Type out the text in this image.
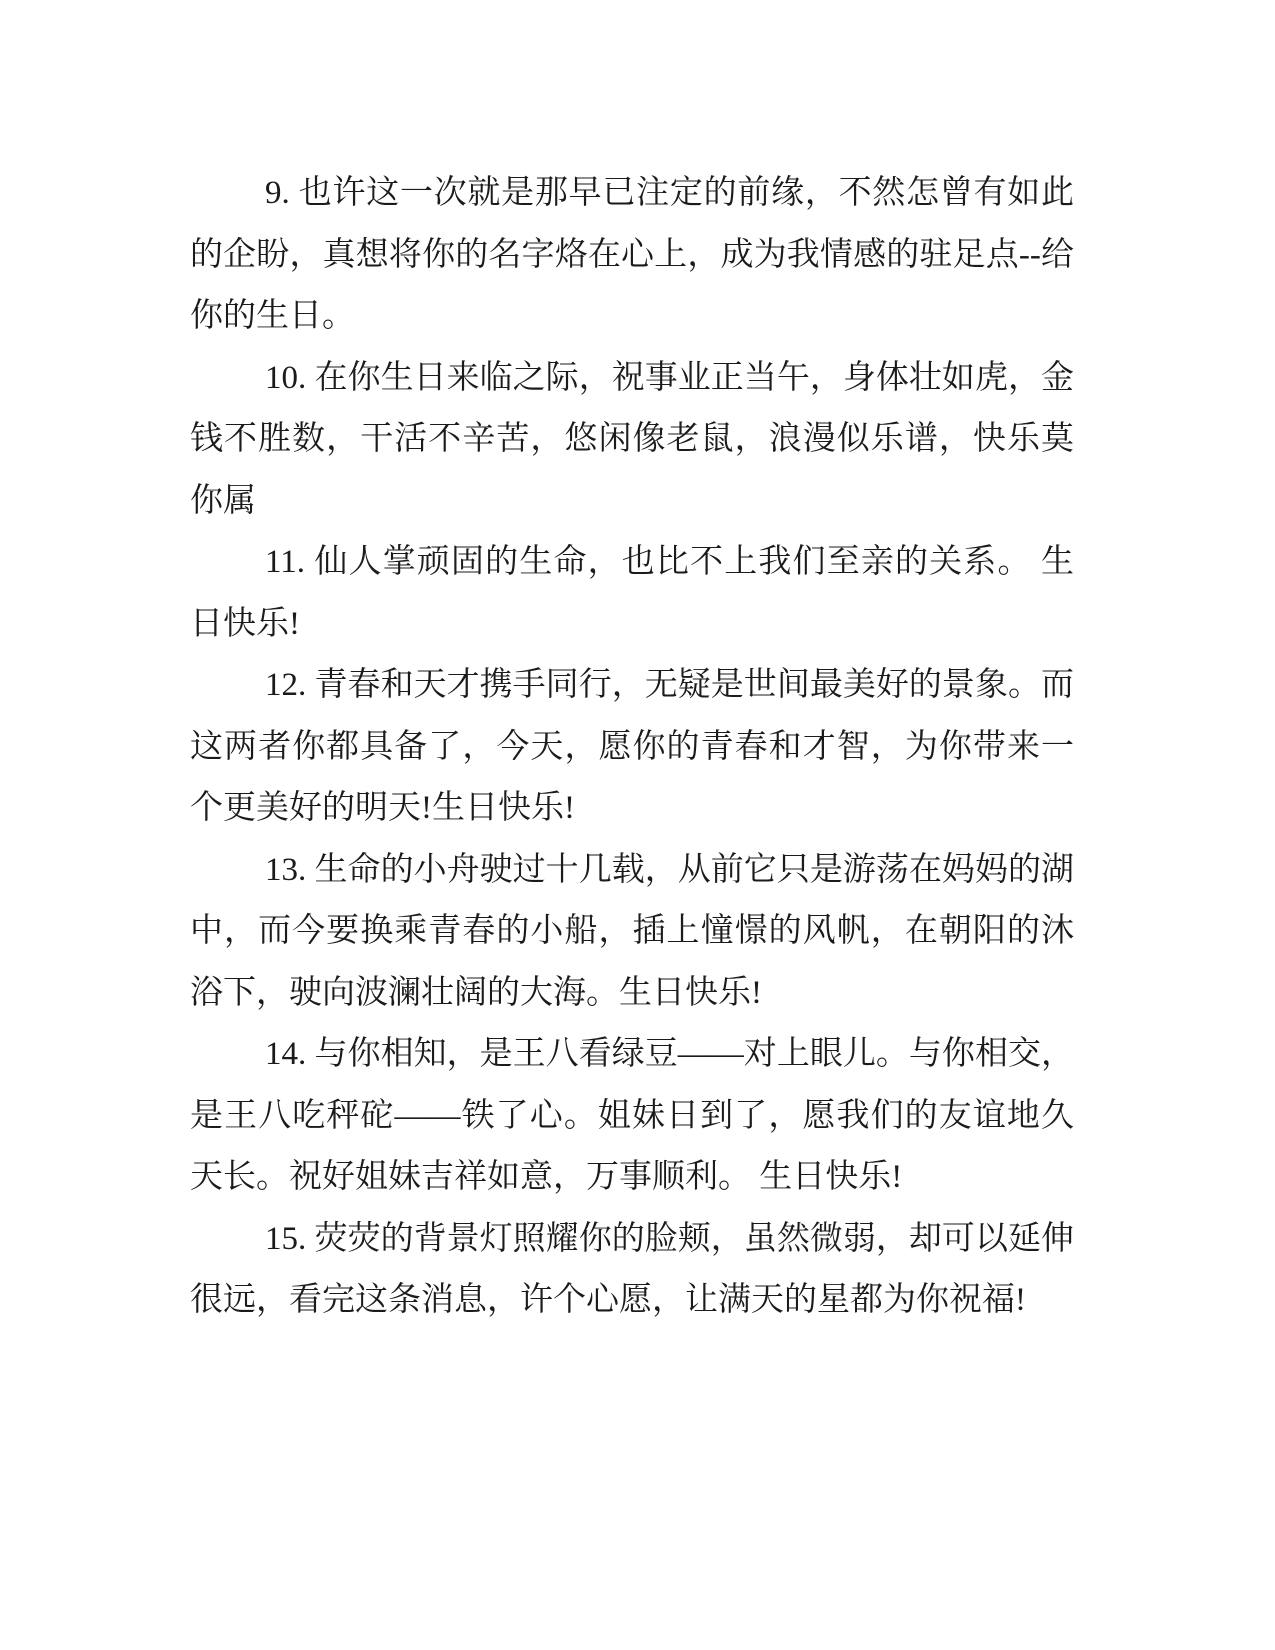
9. 也许这一次就是那早已注定的前缘，不然怎曾有如此的企盼，真想将你的名字烙在心上，成为我情感的驻足点--给你的生日。

10. 在你生日来临之际，祝事业正当午，身体壮如虎，金钱不胜数，干活不辛苦，悠闲像老鼠，浪漫似乐谱，快乐莫你属

11. 仙人掌顽固的生命，也比不上我们至亲的关系。 生日快乐!

12. 青春和天才携手同行，无疑是世间最美好的景象。而这两者你都具备了，今天，愿你的青春和才智，为你带来一个更美好的明天!生日快乐!

13. 生命的小舟驶过十几载，从前它只是游荡在妈妈的湖中，而今要换乘青春的小船，插上憧憬的风帆，在朝阳的沐浴下，驶向波澜壮阔的大海。生日快乐!

14. 与你相知，是王八看绿豆——对上眼儿。与你相交，是王八吃秤砣——铁了心。姐妹日到了，愿我们的友谊地久天长。祝好姐妹吉祥如意，万事顺利。 生日快乐!

15. 荧荧的背景灯照耀你的脸颊，虽然微弱，却可以延伸很远，看完这条消息，许个心愿，让满天的星都为你祝福!
